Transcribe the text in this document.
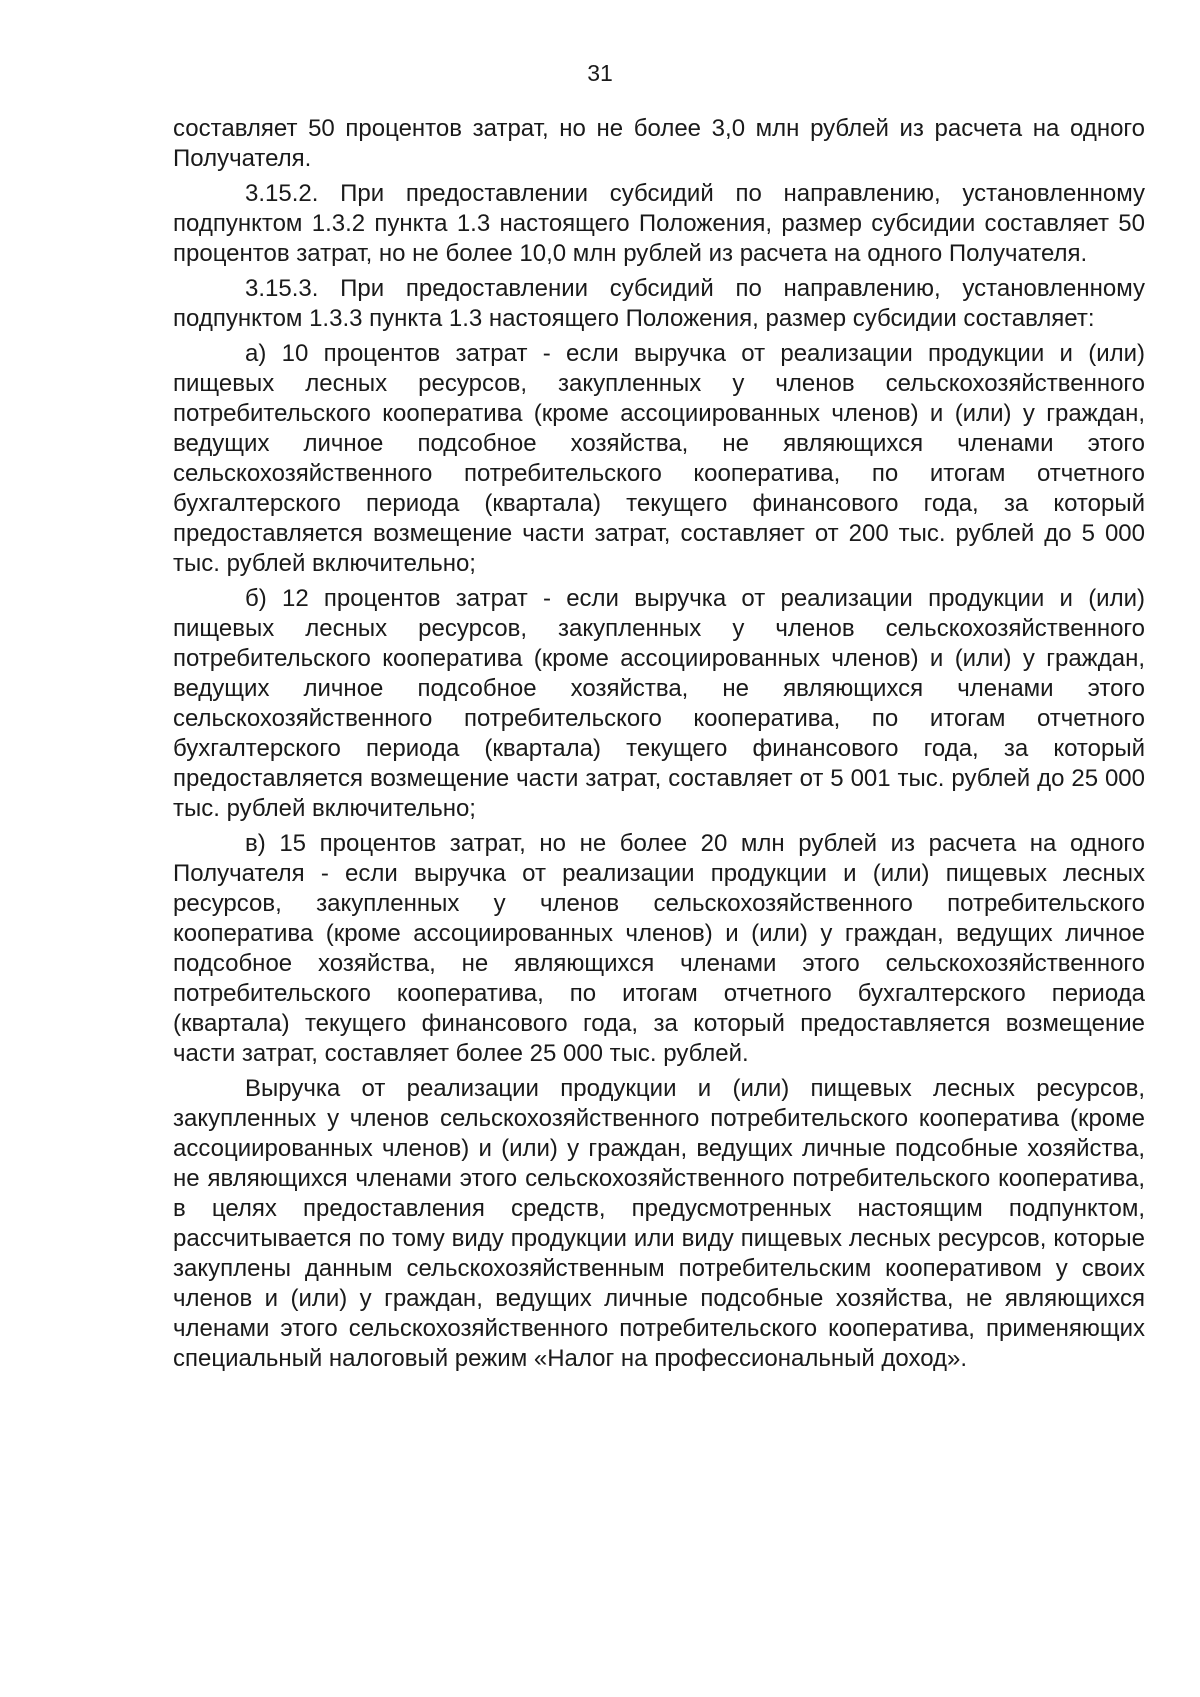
31

составляет 50 процентов затрат, но не более 3,0 млн рублей из расчета на одного Получателя.

3.15.2. При предоставлении субсидий по направлению, установленному подпунктом 1.3.2 пункта 1.3 настоящего Положения, размер субсидии составляет 50 процентов затрат, но не более 10,0 млн рублей из расчета на одного Получателя.

3.15.3. При предоставлении субсидий по направлению, установленному подпунктом 1.3.3 пункта 1.3 настоящего Положения, размер субсидии составляет:

а) 10 процентов затрат - если выручка от реализации продукции и (или) пищевых лесных ресурсов, закупленных у членов сельскохозяйственного потребительского кооператива (кроме ассоциированных членов) и (или) у граждан, ведущих личное подсобное хозяйства, не являющихся членами этого сельскохозяйственного потребительского кооператива, по итогам отчетного бухгалтерского периода (квартала) текущего финансового года, за который предоставляется возмещение части затрат, составляет от 200 тыс. рублей до 5 000 тыс. рублей включительно;

б) 12 процентов затрат - если выручка от реализации продукции и (или) пищевых лесных ресурсов, закупленных у членов сельскохозяйственного потребительского кооператива (кроме ассоциированных членов) и (или) у граждан, ведущих личное подсобное хозяйства, не являющихся членами этого сельскохозяйственного потребительского кооператива, по итогам отчетного бухгалтерского периода (квартала) текущего финансового года, за который предоставляется возмещение части затрат, составляет от 5 001 тыс. рублей до 25 000 тыс. рублей включительно;

в) 15 процентов затрат, но не более 20 млн рублей из расчета на одного Получателя - если выручка от реализации продукции и (или) пищевых лесных ресурсов, закупленных у членов сельскохозяйственного потребительского кооператива (кроме ассоциированных членов) и (или) у граждан, ведущих личное подсобное хозяйства, не являющихся членами этого сельскохозяйственного потребительского кооператива, по итогам отчетного бухгалтерского периода (квартала) текущего финансового года, за который предоставляется возмещение части затрат, составляет более 25 000 тыс. рублей.

Выручка от реализации продукции и (или) пищевых лесных ресурсов, закупленных у членов сельскохозяйственного потребительского кооператива (кроме ассоциированных членов) и (или) у граждан, ведущих личные подсобные хозяйства, не являющихся членами этого сельскохозяйственного потребительского кооператива, в целях предоставления средств, предусмотренных настоящим подпунктом, рассчитывается по тому виду продукции или виду пищевых лесных ресурсов, которые закуплены данным сельскохозяйственным потребительским кооперативом у своих членов и (или) у граждан, ведущих личные подсобные хозяйства, не являющихся членами этого сельскохозяйственного потребительского кооператива, применяющих специальный налоговый режим «Налог на профессиональный доход».
